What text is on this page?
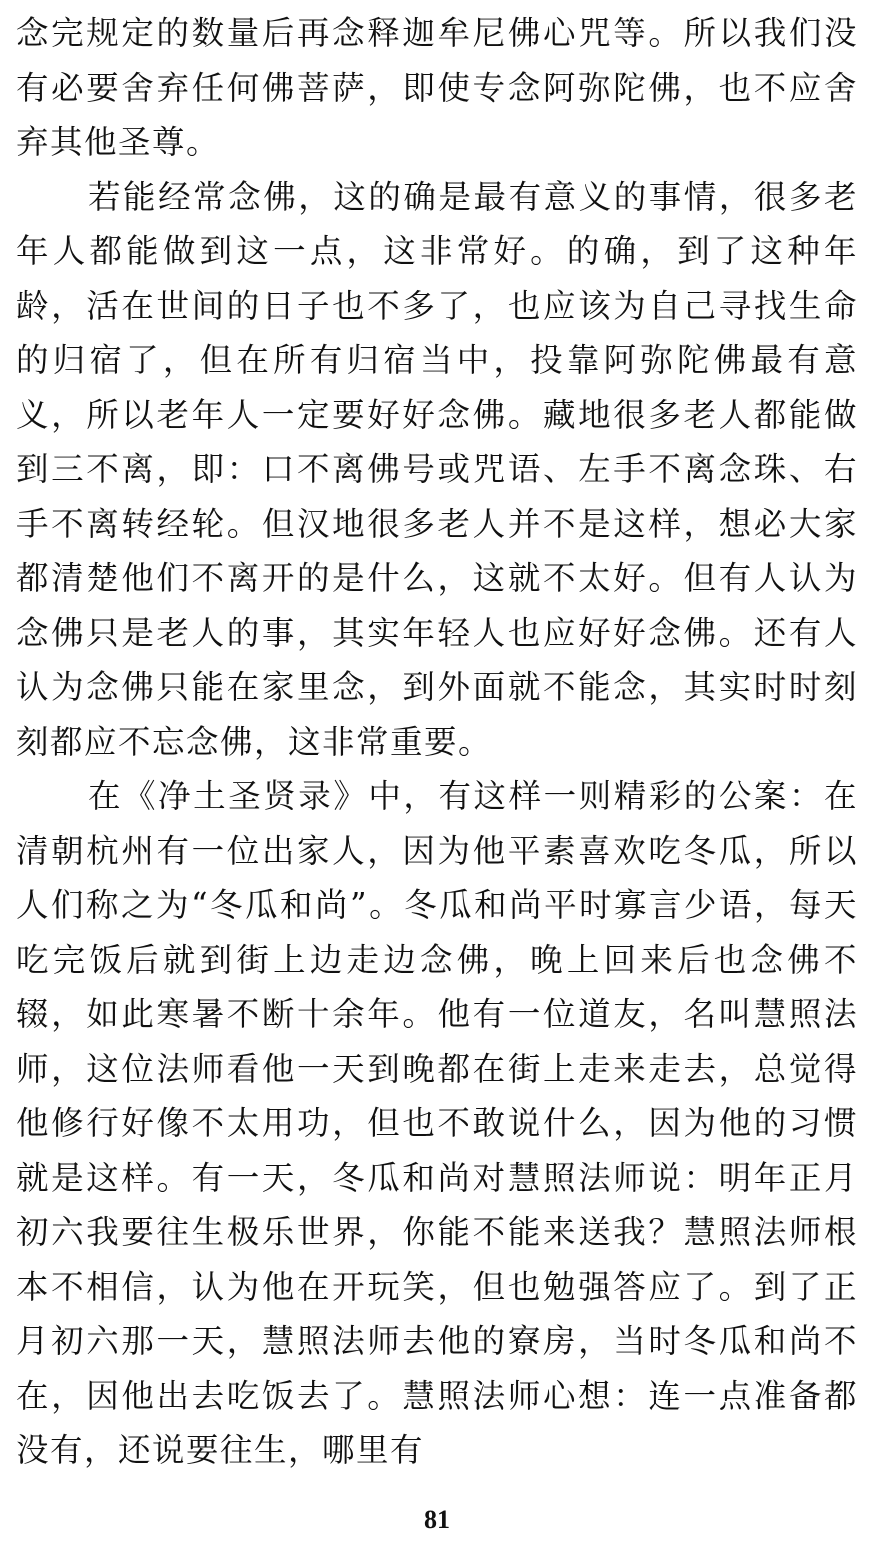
念完规定的数量后再念释迦牟尼佛心咒等。所以我们没有必要舍弃任何佛菩萨，即使专念阿弥陀佛，也不应舍弃其他圣尊。

若能经常念佛，这的确是最有意义的事情，很多老年人都能做到这一点，这非常好。的确，到了这种年龄，活在世间的日子也不多了，也应该为自己寻找生命的归宿了，但在所有归宿当中，投靠阿弥陀佛最有意义，所以老年人一定要好好念佛。藏地很多老人都能做到三不离，即：口不离佛号或咒语、左手不离念珠、右手不离转经轮。但汉地很多老人并不是这样，想必大家都清楚他们不离开的是什么，这就不太好。但有人认为念佛只是老人的事，其实年轻人也应好好念佛。还有人认为念佛只能在家里念，到外面就不能念，其实时时刻刻都应不忘念佛，这非常重要。

在《净土圣贤录》中，有这样一则精彩的公案：在清朝杭州有一位出家人，因为他平素喜欢吃冬瓜，所以人们称之为“冬瓜和尚”。冬瓜和尚平时寡言少语，每天吃完饭后就到街上边走边念佛，晚上回来后也念佛不辍，如此寒暑不断十余年。他有一位道友，名叫慧照法师，这位法师看他一天到晚都在街上走来走去，总觉得他修行好像不太用功，但也不敢说什么，因为他的习惯就是这样。有一天，冬瓜和尚对慧照法师说：明年正月初六我要往生极乐世界，你能不能来送我？慧照法师根本不相信，认为他在开玩笑，但也勉强答应了。到了正月初六那一天，慧照法师去他的寮房，当时冬瓜和尚不在，因他出去吃饭去了。慧照法师心想：连一点准备都没有，还说要往生，哪里有

81
